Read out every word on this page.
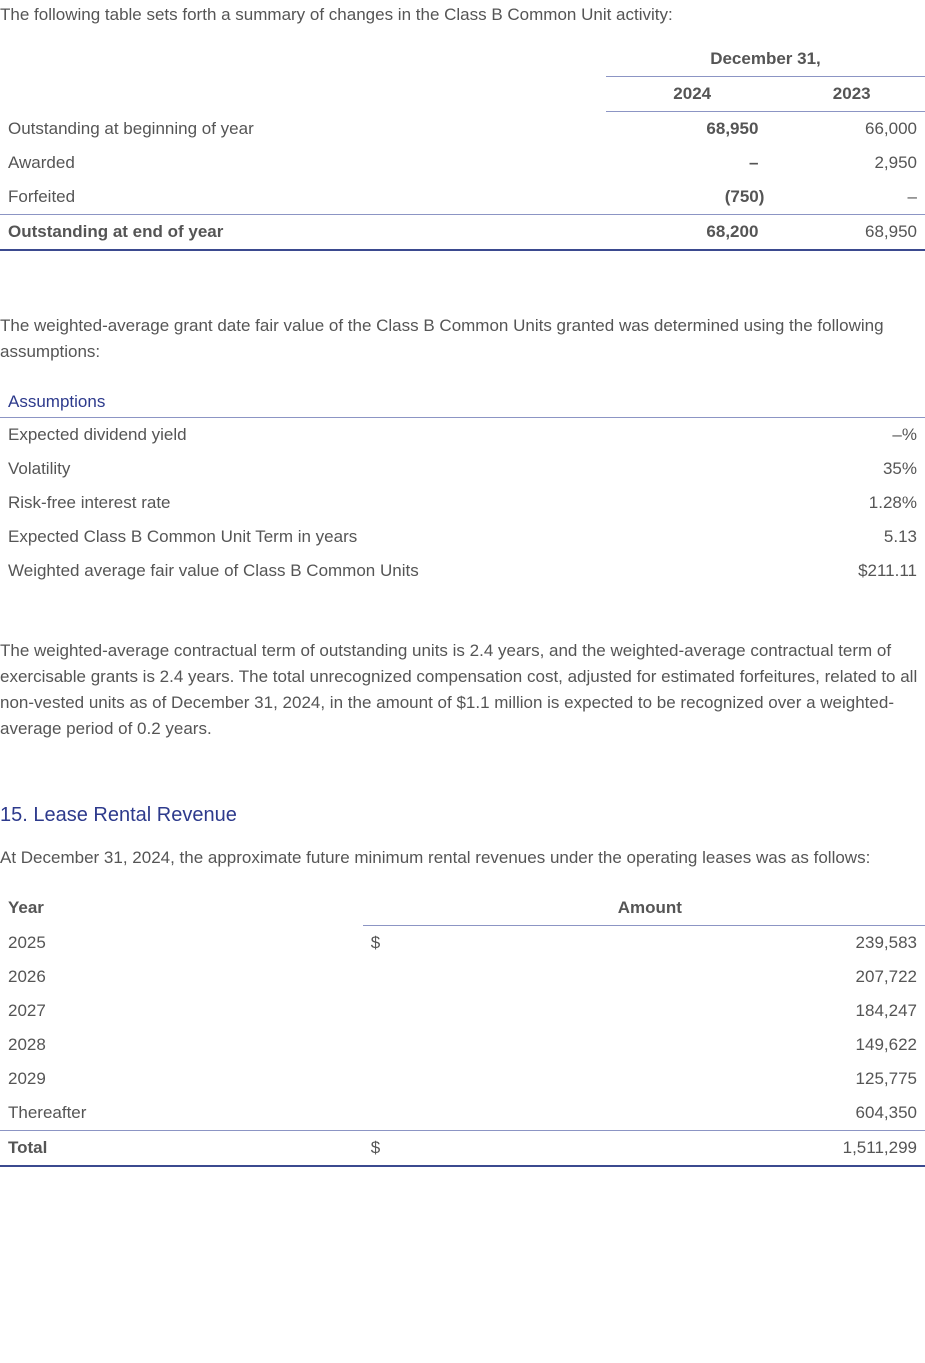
The following table sets forth a summary of changes in the Class B Common Unit activity:

	December 31,	
	2024	2023
Outstanding at beginning of year	68,950	66,000
Awarded	–	2,950
Forfeited	(750)	–
Outstanding at end of year	68,200	68,950

The weighted-average grant date fair value of the Class B Common Units granted was determined using the following assumptions:

Assumptions	
Expected dividend yield	–%
Volatility	35%
Risk-free interest rate	1.28%
Expected Class B Common Unit Term in years	5.13
Weighted average fair value of Class B Common Units	$211.11

The weighted-average contractual term of outstanding units is 2.4 years, and the weighted-average contractual term of exercisable grants is 2.4 years. The total unrecognized compensation cost, adjusted for estimated forfeitures, related to all non-vested units as of December 31, 2024, in the amount of $1.1 million is expected to be recognized over a weighted-average period of 0.2 years.

15. Lease Rental Revenue

At December 31, 2024, the approximate future minimum rental revenues under the operating leases was as follows:

Year	Amount	
2025	$	239,583
2026		207,722
2027		184,247
2028		149,622
2029		125,775
Thereafter		604,350
Total	$	1,511,299
